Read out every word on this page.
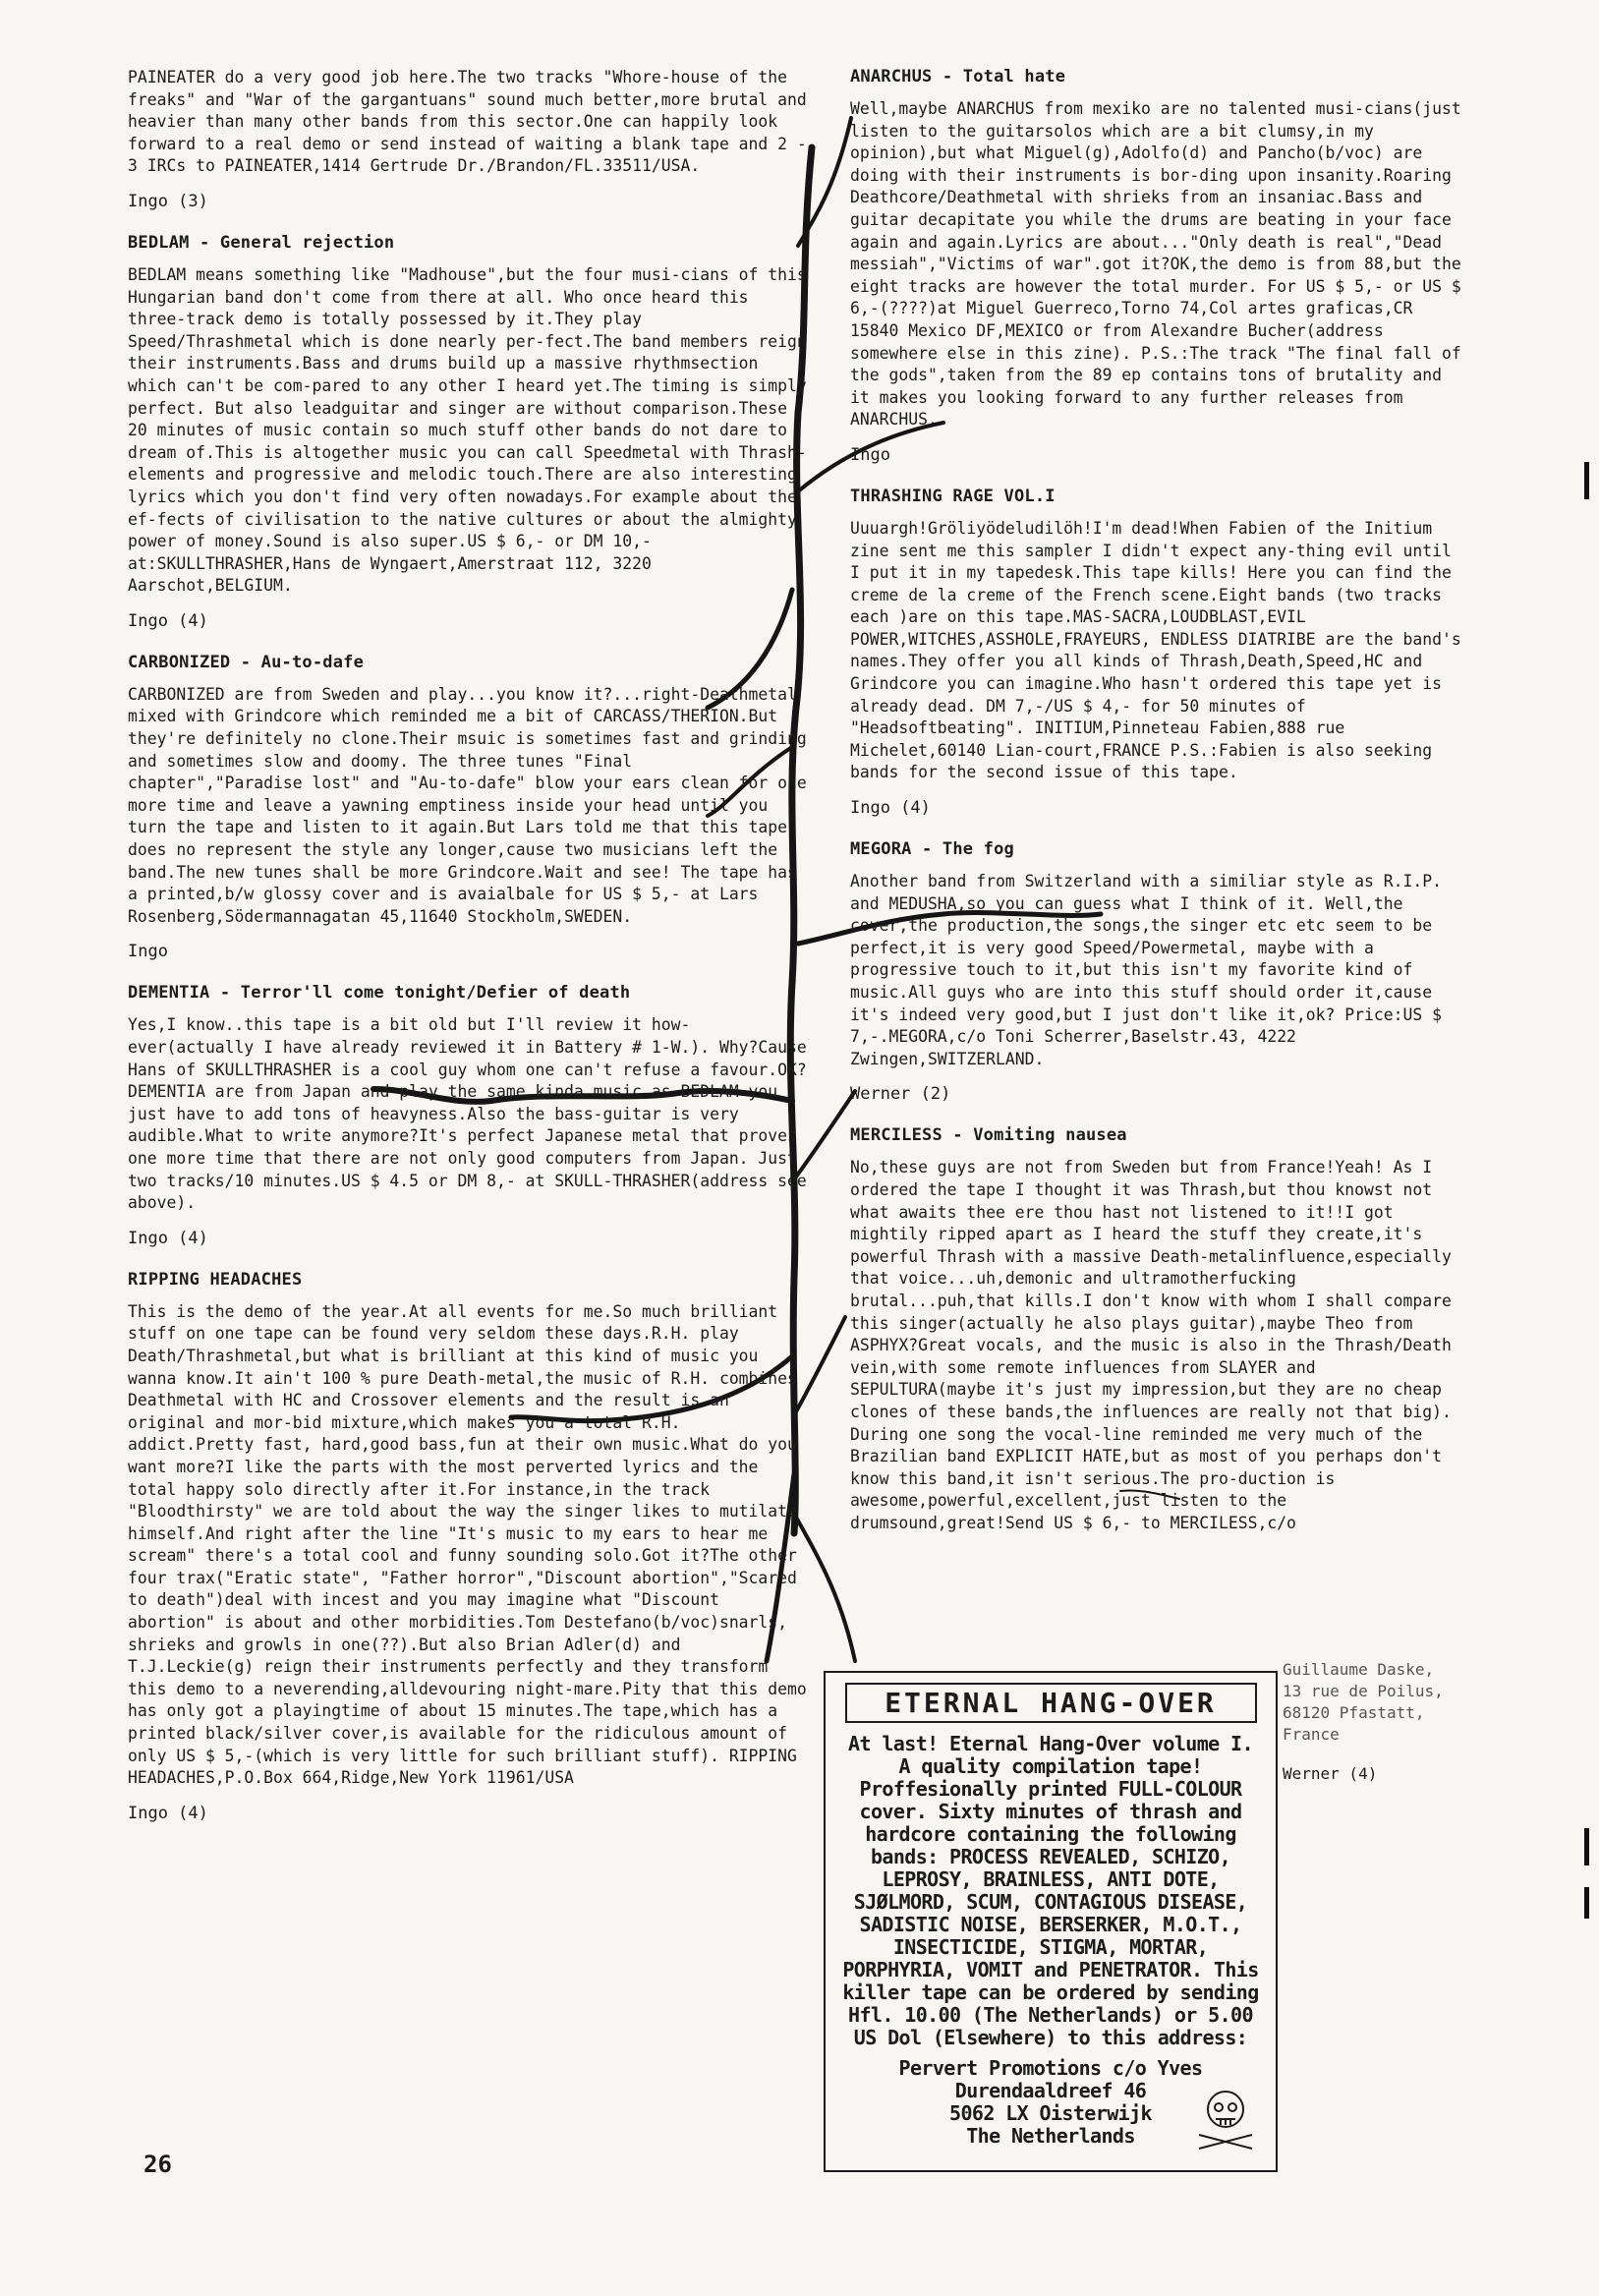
PAINEATER do a very good job here.The two tracks "Whore-house of the freaks" and "War of the gargantuans" sound much better,more brutal and heavier than many other bands from this sector.One can happily look forward to a real demo or send instead of waiting a blank tape and 2 - 3 IRCs to PAINEATER,1414 Gertrude Dr./Brandon/FL.33511/USA.
Ingo (3)
BEDLAM - General rejection
BEDLAM means something like "Madhouse",but the four musi-cians of this Hungarian band don't come from there at all. Who once heard this three-track demo is totally possessed by it.They play Speed/Thrashmetal which is done nearly per-fect.The band members reign their instruments.Bass and drums build up a massive rhythmsection which can't be com-pared to any other I heard yet.The timing is simply perfect. But also leadguitar and singer are without comparison.These 20 minutes of music contain so much stuff other bands do not dare to dream of.This is altogether music you can call Speedmetal with Thrash-elements and progressive and melodic touch.There are also interesting lyrics which you don't find very often nowadays.For example about the ef-fects of civilisation to the native cultures or about the almighty power of money.Sound is also super.US $ 6,- or DM 10,- at:SKULLTHRASHER,Hans de Wyngaert,Amerstraat 112, 3220 Aarschot,BELGIUM.
Ingo (4)
CARBONIZED - Au-to-dafe
CARBONIZED are from Sweden and play...you know it?...right-Deathmetal mixed with Grindcore which reminded me a bit of CARCASS/THERION.But they're definitely no clone.Their msuic is sometimes fast and grinding and sometimes slow and doomy. The three tunes "Final chapter","Paradise lost" and "Au-to-dafe" blow your ears clean for one more time and leave a yawning emptiness inside your head until you turn the tape and listen to it again.But Lars told me that this tape does no represent the style any longer,cause two musicians left the band.The new tunes shall be more Grindcore.Wait and see! The tape has a printed,b/w glossy cover and is avaialbale for US $ 5,- at Lars Rosenberg,Södermannagatan 45,11640 Stockholm,SWEDEN.
Ingo
DEMENTIA - Terror'll come tonight/Defier of death
Yes,I know..this tape is a bit old but I'll review it how-ever(actually I have already reviewed it in Battery # 1-W.). Why?Cause Hans of SKULLTHRASHER is a cool guy whom one can't refuse a favour.OK?DEMENTIA are from Japan and play the same kinda music as BEDLAM-you just have to add tons of heavyness.Also the bass-guitar is very audible.What to write anymore?It's perfect Japanese metal that proves one more time that there are not only good computers from Japan. Just two tracks/10 minutes.US $ 4.5 or DM 8,- at SKULL-THRASHER(address see above).
Ingo (4)
RIPPING HEADACHES
This is the demo of the year.At all events for me.So much brilliant stuff on one tape can be found very seldom these days.R.H. play Death/Thrashmetal,but what is brilliant at this kind of music you wanna know.It ain't 100 % pure Death-metal,the music of R.H. combines Deathmetal with HC and Crossover elements and the result is an original and mor-bid mixture,which makes you a total R.H. addict.Pretty fast, hard,good bass,fun at their own music.What do you want more?I like the parts with the most perverted lyrics and the total happy solo directly after it.For instance,in the track "Bloodthirsty" we are told about the way the singer likes to mutilate himself.And right after the line "It's music to my ears to hear me scream" there's a total cool and funny sounding solo.Got it?The other four trax("Eratic state", "Father horror","Discount abortion","Scared to death")deal with incest and you may imagine what "Discount abortion" is about and other morbidities.Tom Destefano(b/voc)snarls, shrieks and growls in one(??).But also Brian Adler(d) and T.J.Leckie(g) reign their instruments perfectly and they transform this demo to a neverending,alldevouring night-mare.Pity that this demo has only got a playingtime of about 15 minutes.The tape,which has a printed black/silver cover,is available for the ridiculous amount of only US $ 5,-(which is very little for such brilliant stuff). RIPPING HEADACHES,P.O.Box 664,Ridge,New York 11961/USA
Ingo (4)
ANARCHUS - Total hate
Well,maybe ANARCHUS from mexiko are no talented musi-cians(just listen to the guitarsolos which are a bit clumsy,in my opinion),but what Miguel(g),Adolfo(d) and Pancho(b/voc) are doing with their instruments is bor-ding upon insanity.Roaring Deathcore/Deathmetal with shrieks from an insaniac.Bass and guitar decapitate you while the drums are beating in your face again and again.Lyrics are about..."Only death is real","Dead messiah","Victims of war".got it?OK,the demo is from 88,but the eight tracks are however the total murder. For US $ 5,- or US $ 6,-(????)at Miguel Guerreco,Torno 74,Col artes graficas,CR 15840 Mexico DF,MEXICO or from Alexandre Bucher(address somewhere else in this zine). P.S.:The track "The final fall of the gods",taken from the 89 ep contains tons of brutality and it makes you looking forward to any further releases from ANARCHUS.
Ingo
THRASHING RAGE VOL.I
Uuuargh!Gröliyödeludilöh!I'm dead!When Fabien of the Initium zine sent me this sampler I didn't expect any-thing evil until I put it in my tapedesk.This tape kills! Here you can find the creme de la creme of the French scene.Eight bands (two tracks each )are on this tape.MAS-SACRA,LOUDBLAST,EVIL POWER,WITCHES,ASSHOLE,FRAYEURS, ENDLESS DIATRIBE are the band's names.They offer you all kinds of Thrash,Death,Speed,HC and Grindcore you can imagine.Who hasn't ordered this tape yet is already dead. DM 7,-/US $ 4,- for 50 minutes of "Headsoftbeating". INITIUM,Pinneteau Fabien,888 rue Michelet,60140 Lian-court,FRANCE P.S.:Fabien is also seeking bands for the second issue of this tape.
Ingo (4)
MEGORA - The fog
Another band from Switzerland with a similiar style as R.I.P. and MEDUSHA,so you can guess what I think of it. Well,the cover,the production,the songs,the singer etc etc seem to be perfect,it is very good Speed/Powermetal, maybe with a progressive touch to it,but this isn't my favorite kind of music.All guys who are into this stuff should order it,cause it's indeed very good,but I just don't like it,ok? Price:US $ 7,-.MEGORA,c/o Toni Scherrer,Baselstr.43, 4222 Zwingen,SWITZERLAND.
Werner (2)
MERCILESS - Vomiting nausea
No,these guys are not from Sweden but from France!Yeah! As I ordered the tape I thought it was Thrash,but thou knowst not what awaits thee ere thou hast not listened to it!!I got mightily ripped apart as I heard the stuff they create,it's powerful Thrash with a massive Death-metalinfluence,especially that voice...uh,demonic and ultramotherfucking brutal...puh,that kills.I don't know with whom I shall compare this singer(actually he also plays guitar),maybe Theo from ASPHYX?Great vocals, and the music is also in the Thrash/Death vein,with some remote influences from SLAYER and SEPULTURA(maybe it's just my impression,but they are no cheap clones of these bands,the influences are really not that big). During one song the vocal-line reminded me very much of the Brazilian band EXPLICIT HATE,but as most of you perhaps don't know this band,it isn't serious.The pro-duction is awesome,powerful,excellent,just listen to the drumsound,great!Send US $ 6,- to MERCILESS,c/o
Guillaume Daske,
13 rue de Poilus,
68120 Pfastatt,
France
Werner (4)
ETERNAL HANG-OVER
At last! Eternal Hang-Over volume I. A quality compilation tape! Proffesionally printed FULL-COLOUR cover. Sixty minutes of thrash and hardcore containing the following bands: PROCESS REVEALED, SCHIZO, LEPROSY, BRAINLESS, ANTI DOTE, SJØLMORD, SCUM, CONTAGIOUS DISEASE, SADISTIC NOISE, BERSERKER, M.O.T., INSECTICIDE, STIGMA, MORTAR, PORPHYRIA, VOMIT and PENETRATOR. This killer tape can be ordered by sending Hfl. 10.00 (The Netherlands) or 5.00 US Dol (Elsewhere) to this address:
Pervert Promotions c/o Yves
Durendaaldreef 46
5062 LX Oisterwijk
The Netherlands
26
